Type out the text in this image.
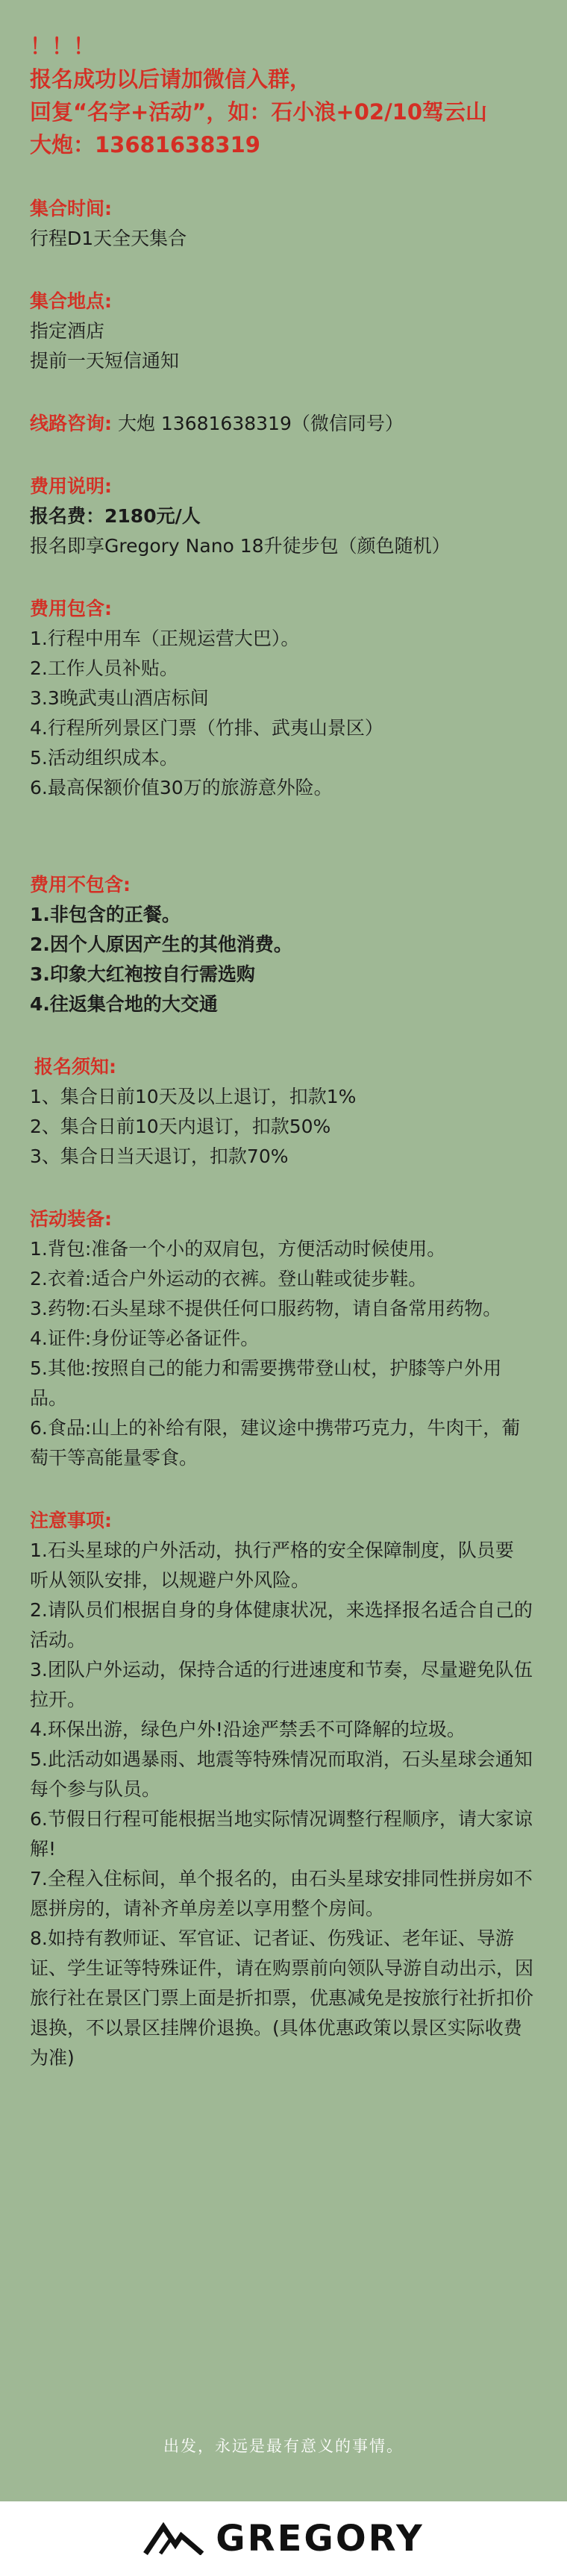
！！！

报名成功以后请加微信入群，

回复“名字+活动”，如：石小浪+02/10驾云山

大炮：13681638319

集合时间:

行程D1天全天集合

集合地点:

指定酒店

提前一天短信通知

线路咨询: 大炮 13681638319（微信同号）

费用说明:

报名费：2180元/人

报名即享Gregory Nano 18升徒步包（颜色随机）

费用包含:

1.行程中用车（正规运营大巴）。

2.工作人员补贴。

3.3晚武夷山酒店标间

4.行程所列景区门票（竹排、武夷山景区）

5.活动组织成本。

6.最高保额价值30万的旅游意外险。

费用不包含:

1.非包含的正餐。

2.因个人原因产生的其他消费。

3.印象大红袍按自行需选购

4.往返集合地的大交通

报名须知:

1、集合日前10天及以上退订，扣款1%

2、集合日前10天内退订，扣款50%

3、集合日当天退订，扣款70%

活动装备:

1.背包:准备一个小的双肩包，方便活动时候使用。

2.衣着:适合户外运动的衣裤。登山鞋或徒步鞋。

3.药物:石头星球不提供任何口服药物，请自备常用药物。

4.证件:身份证等必备证件。

5.其他:按照自己的能力和需要携带登山杖，护膝等户外用品。

6.食品:山上的补给有限，建议途中携带巧克力，牛肉干，葡萄干等高能量零食。

注意事项:

1.石头星球的户外活动，执行严格的安全保障制度，队员要

听从领队安排，以规避户外风险。

2.请队员们根据自身的身体健康状况，来选择报名适合自己的活动。

3.团队户外运动，保持合适的行进速度和节奏，尽量避免队伍拉开。

4.环保出游，绿色户外!沿途严禁丢不可降解的垃圾。

5.此活动如遇暴雨、地震等特殊情况而取消，石头星球会通知每个参与队员。

6.节假日行程可能根据当地实际情况调整行程顺序，请大家谅解!

7.全程入住标间，单个报名的，由石头星球安排同性拼房如不愿拼房的，请补齐单房差以享用整个房间。

8.如持有教师证、军官证、记者证、伤残证、老年证、导游证、学生证等特殊证件，请在购票前向领队导游自动出示，因旅行社在景区门票上面是折扣票，优惠减免是按旅行社折扣价退换，不以景区挂牌价退换。(具体优惠政策以景区实际收费为准)

出发，永远是最有意义的事情。
GREGORY
